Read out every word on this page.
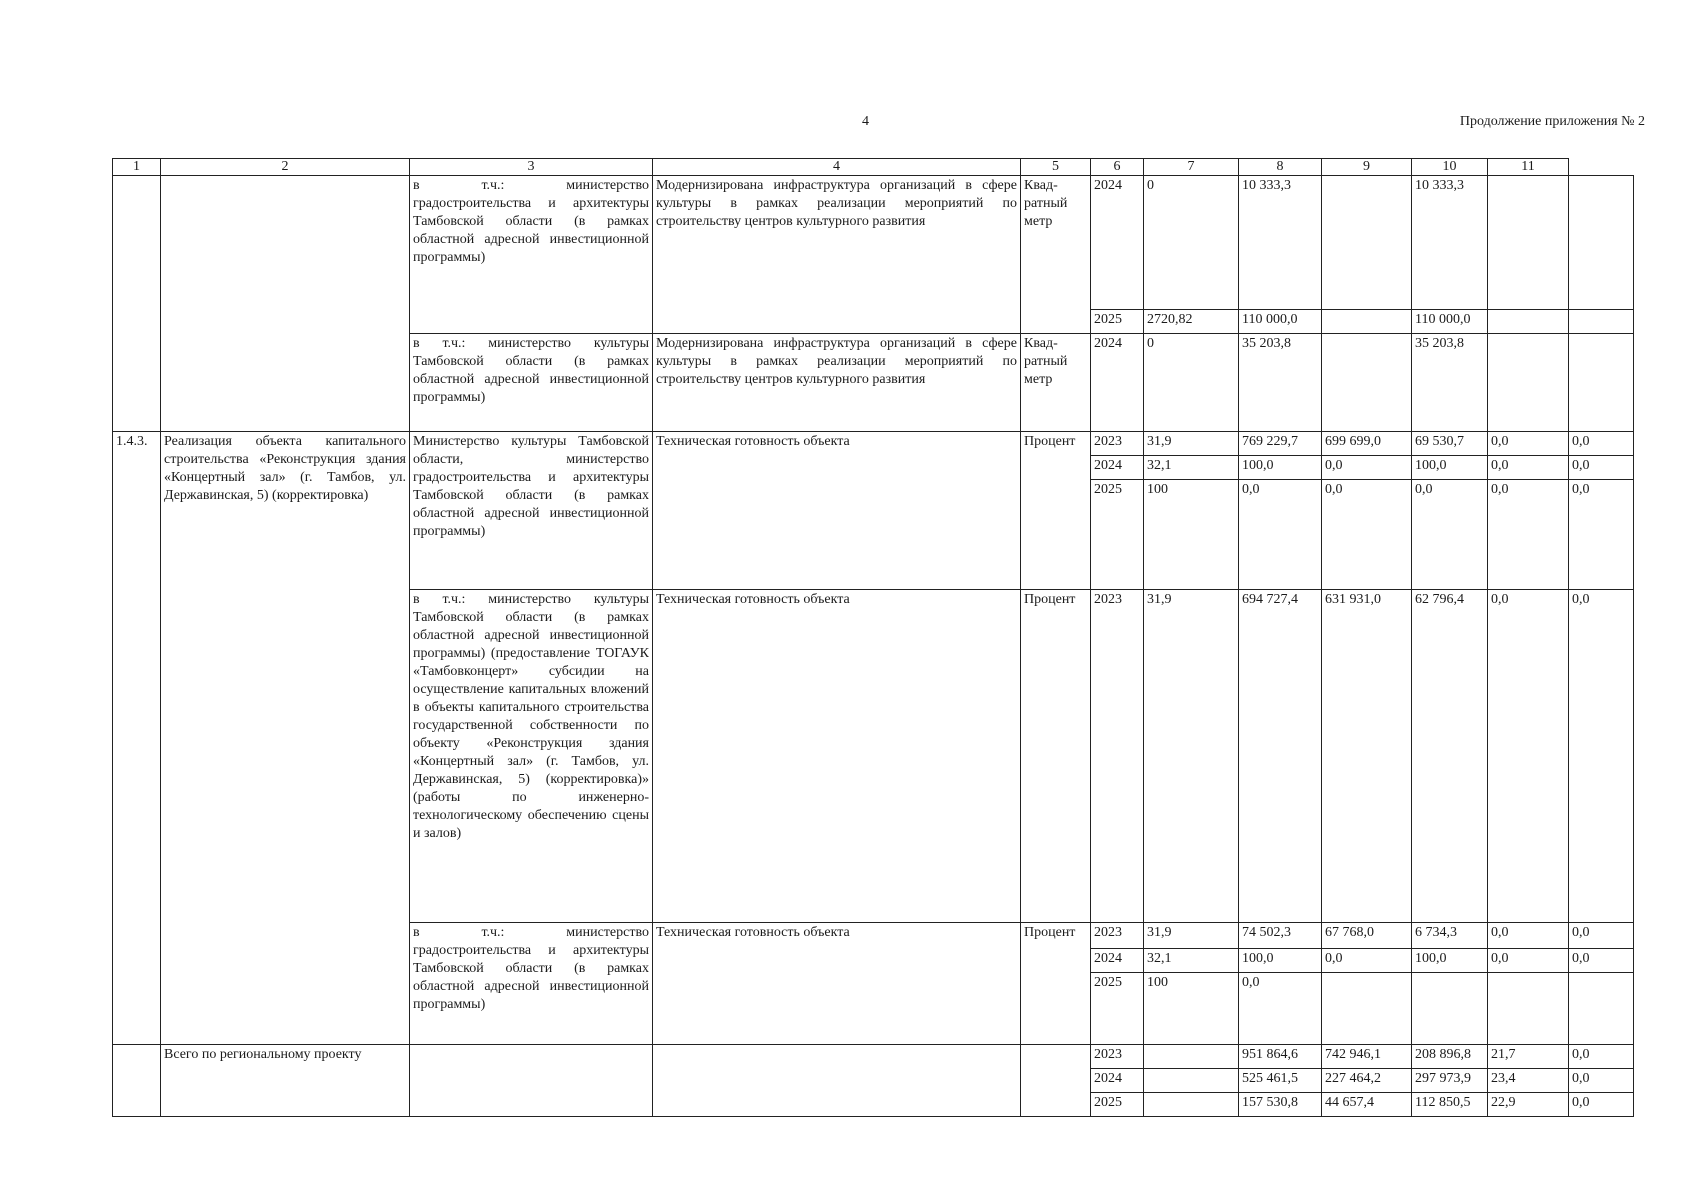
4	Продолжение приложения № 2
1	2	3	4	5	6	7	8	9	10	11	
		в т.ч.: министерство градостроительства и архитектуры Тамбовской области (в рамках областной адресной инвестиционной программы)	Модернизирована инфраструктура организаций в сфере культуры в рамках реализации мероприятий по строительству центров культурного развития	Квад-ратный метр	2024	0	10 333,3		10 333,3		
					2025	2720,82	110 000,0		110 000,0		
		в т.ч.: министерство культуры Тамбовской области (в рамках областной адресной инвестиционной программы)	Модернизирована инфраструктура организаций в сфере культуры в рамках реализации мероприятий по строительству центров культурного развития	Квад-ратный метр	2024	0	35 203,8		35 203,8		
1.4.3.	Реализация объекта капитального строительства «Реконструкция здания «Концертный зал» (г. Тамбов, ул. Державинская, 5) (корректировка)	Министерство культуры Тамбовской области, министерство градостроительства и архитектуры Тамбовской области (в рамках областной адресной инвестиционной программы)	Техническая готовность объекта	Процент	2023	31,9	769 229,7	699 699,0	69 530,7	0,0	0,0
					2024	32,1	100,0	0,0	100,0	0,0	0,0
					2025	100	0,0	0,0	0,0	0,0	0,0
		в т.ч.: министерство культуры Тамбовской области (в рамках областной адресной инвестиционной программы) (предоставление ТОГАУК «Тамбовконцерт» субсидии на осуществление капитальных вложений в объекты капитального строительства государственной собственности по объекту «Реконструкция здания «Концертный зал» (г. Тамбов, ул. Державинская, 5) (корректировка)» (работы по инженерно-технологическому обеспечению сцены и залов)	Техническая готовность объекта	Процент	2023	31,9	694 727,4	631 931,0	62 796,4	0,0	0,0
		в т.ч.: министерство градостроительства и архитектуры Тамбовской области (в рамках областной адресной инвестиционной программы)	Техническая готовность объекта	Процент	2023	31,9	74 502,3	67 768,0	6 734,3	0,0	0,0
					2024	32,1	100,0	0,0	100,0	0,0	0,0
					2025	100	0,0				
	Всего по региональному проекту				2023		951 864,6	742 946,1	208 896,8	21,7	0,0
					2024		525 461,5	227 464,2	297 973,9	23,4	0,0
					2025		157 530,8	44 657,4	112 850,5	22,9	0,0
